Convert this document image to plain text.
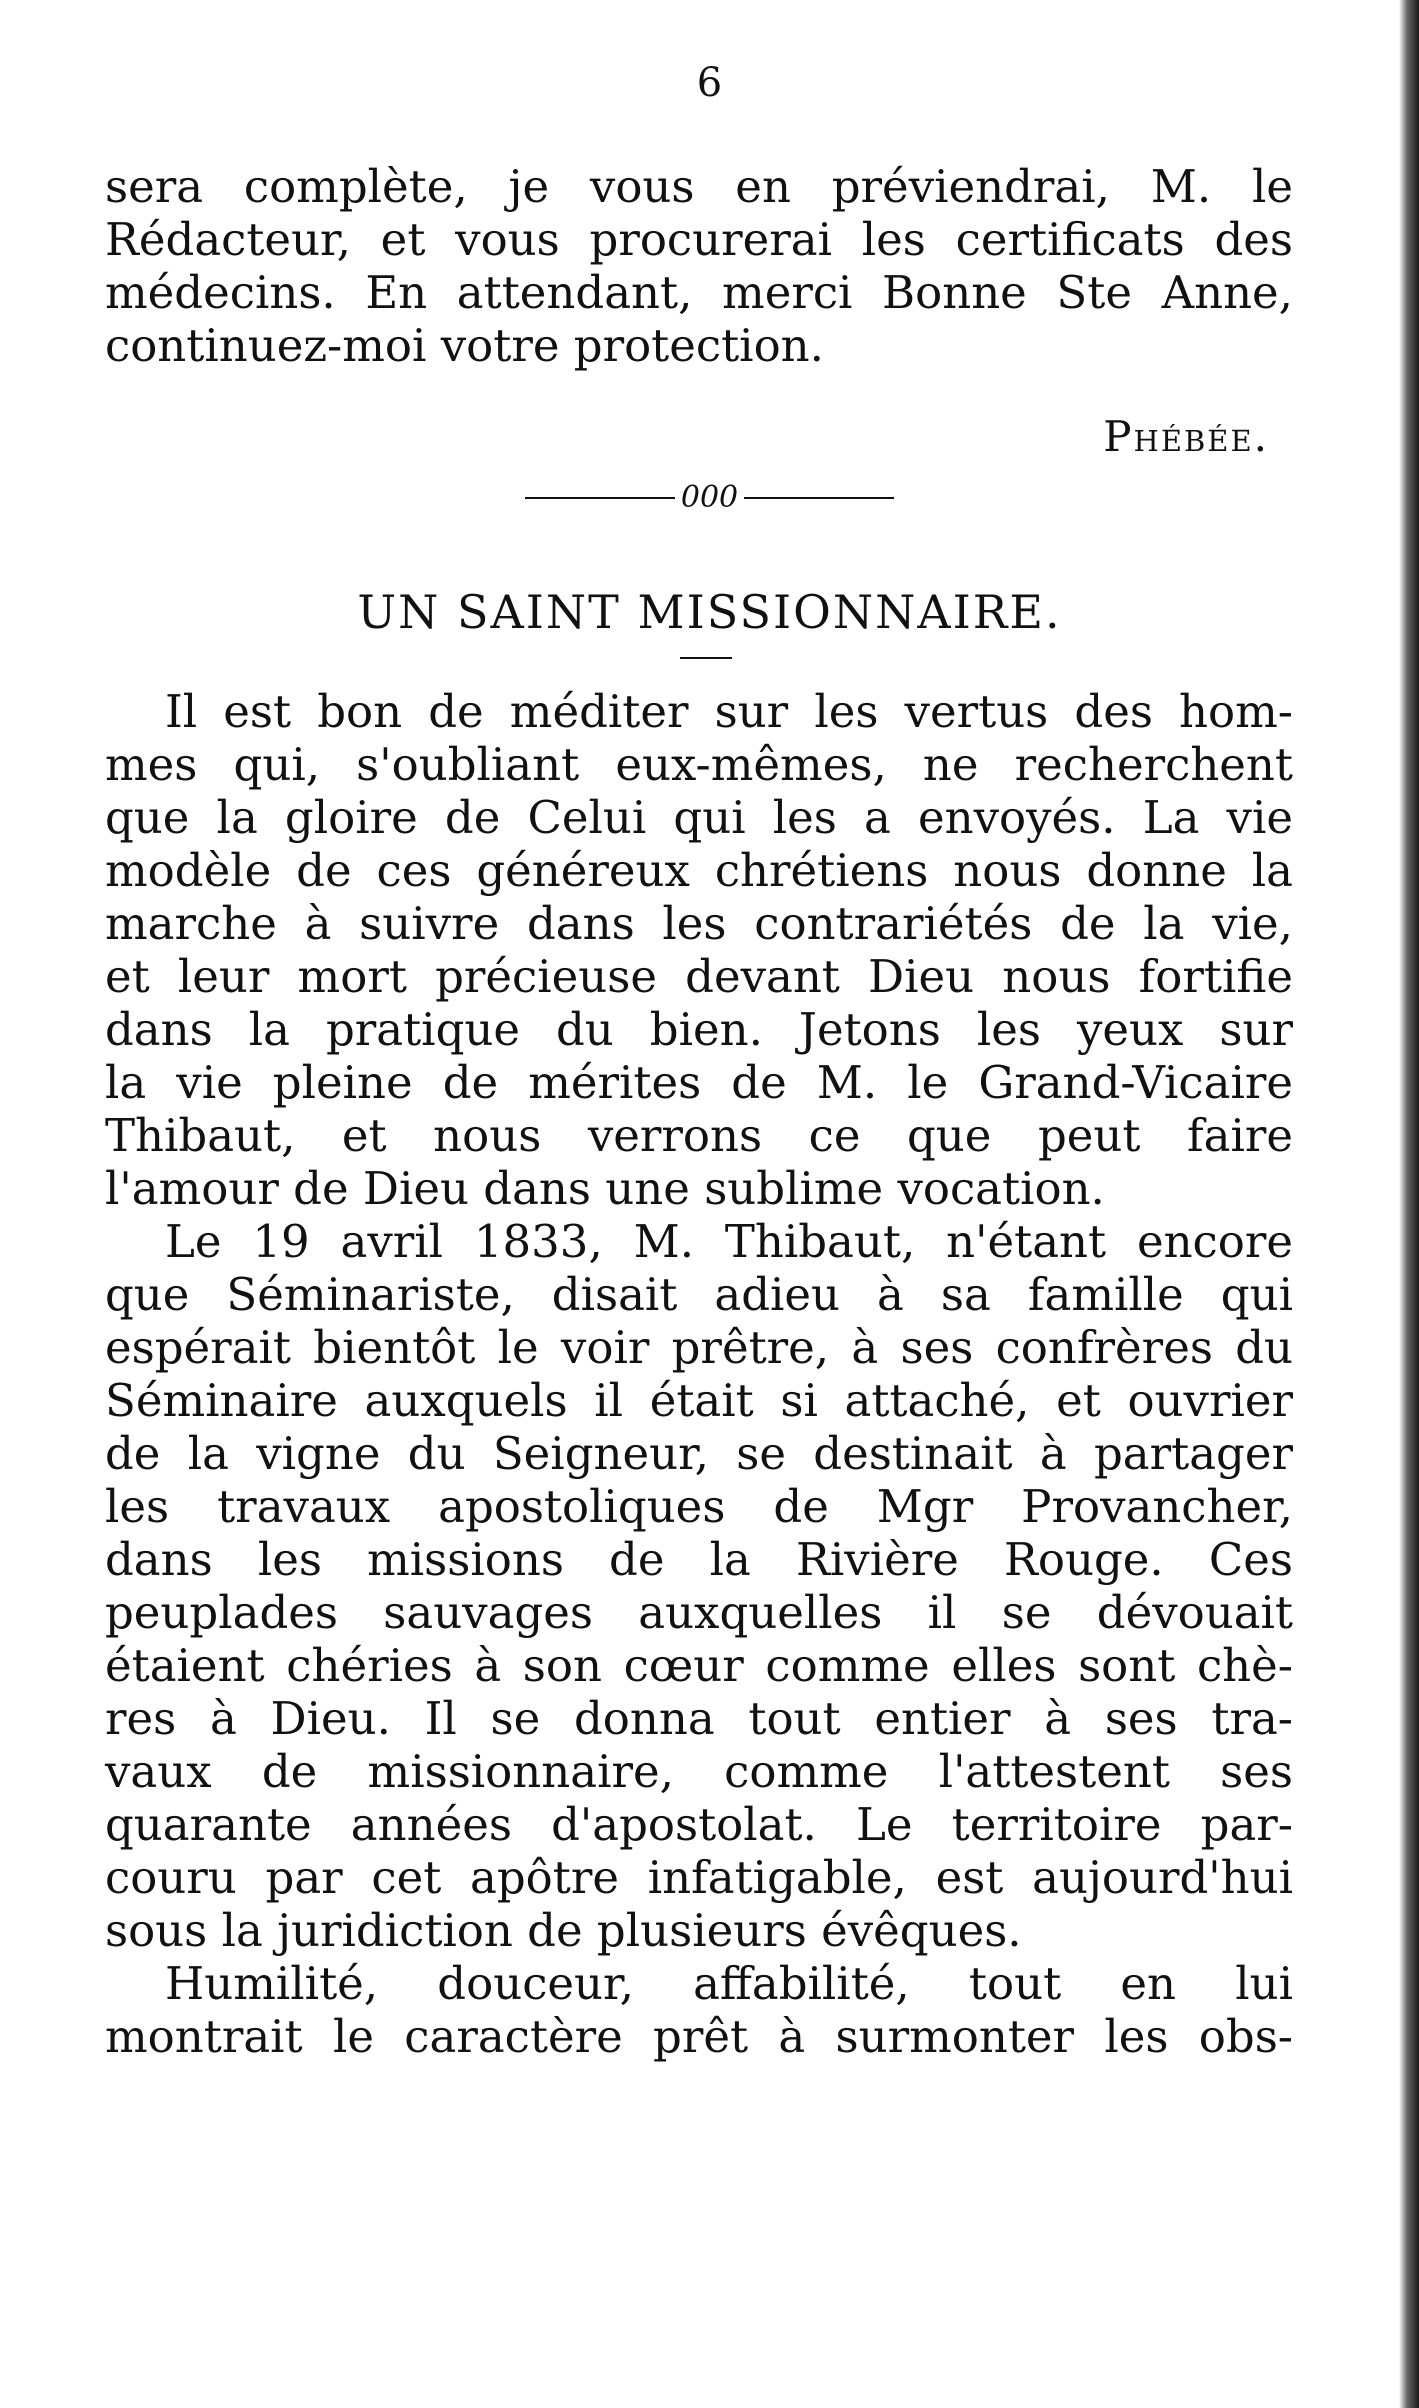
6
sera complète, je vous en préviendrai, M. le
Rédacteur, et vous procurerai les certificats des
médecins. En attendant, merci Bonne Ste Anne,
continuez-moi votre protection.
Phébée.
000
UN SAINT MISSIONNAIRE.
Il est bon de méditer sur les vertus des hom-
mes qui, s'oubliant eux-mêmes, ne recherchent
que la gloire de Celui qui les a envoyés. La vie
modèle de ces généreux chrétiens nous donne la
marche à suivre dans les contrariétés de la vie,
et leur mort précieuse devant Dieu nous fortifie
dans la pratique du bien. Jetons les yeux sur
la vie pleine de mérites de M. le Grand-Vicaire
Thibaut, et nous verrons ce que peut faire
l'amour de Dieu dans une sublime vocation.
Le 19 avril 1833, M. Thibaut, n'étant encore
que Séminariste, disait adieu à sa famille qui
espérait bientôt le voir prêtre, à ses confrères du
Séminaire auxquels il était si attaché, et ouvrier
de la vigne du Seigneur, se destinait à partager
les travaux apostoliques de Mgr Provancher,
dans les missions de la Rivière Rouge. Ces
peuplades sauvages auxquelles il se dévouait
étaient chéries à son cœur comme elles sont chè-
res à Dieu. Il se donna tout entier à ses tra-
vaux de missionnaire, comme l'attestent ses
quarante années d'apostolat. Le territoire par-
couru par cet apôtre infatigable, est aujourd'hui
sous la juridiction de plusieurs évêques.
Humilité, douceur, affabilité, tout en lui
montrait le caractère prêt à surmonter les obs-
